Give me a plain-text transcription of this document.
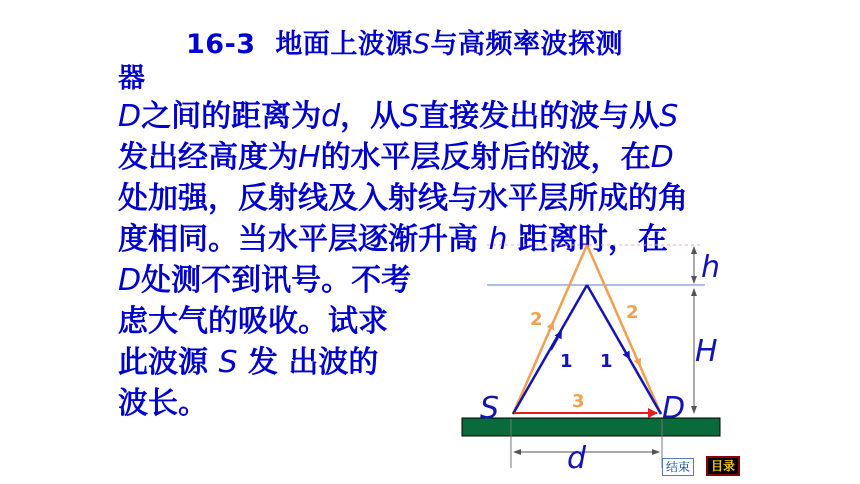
16-3 地面上波源S与高频率波探测
器
D之间的距离为d，从S直接发出的波与从S
发出经高度为H的水平层反射后的波，在D
处加强，反射线及入射线与水平层所成的角
度相同。当水平层逐渐升高 h 距离时，在
D处测不到讯号。不考
虑大气的吸收。试求
此波源 S 发 出波的
波长。	S	D
H
h
d
1 1
2	2
3
结束	目录
